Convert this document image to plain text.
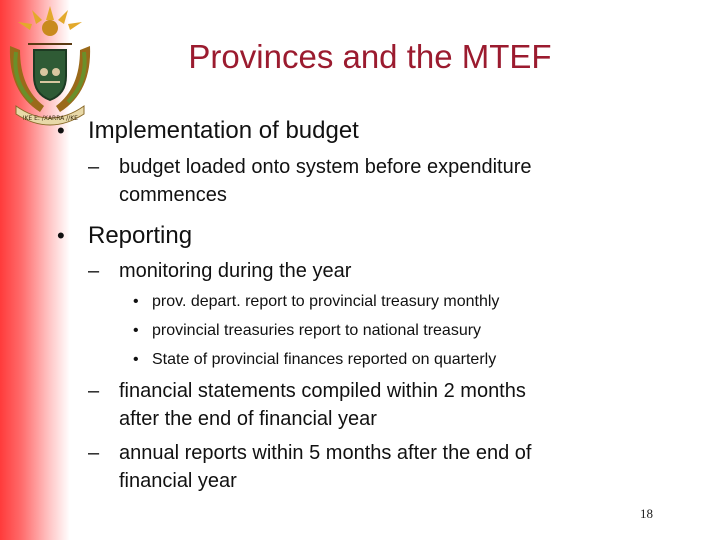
!KE E: /XARRA //KE
Provinces and the MTEF
• Implementation of budget
– budget loaded onto system before expenditure
commences
• Reporting
– monitoring during the year
• prov. depart. report to provincial treasury monthly
• provincial treasuries report to national treasury
• State of provincial finances reported on quarterly
– financial statements compiled within 2 months
after the end of financial year
– annual reports within 5 months after the end of
financial year
18
